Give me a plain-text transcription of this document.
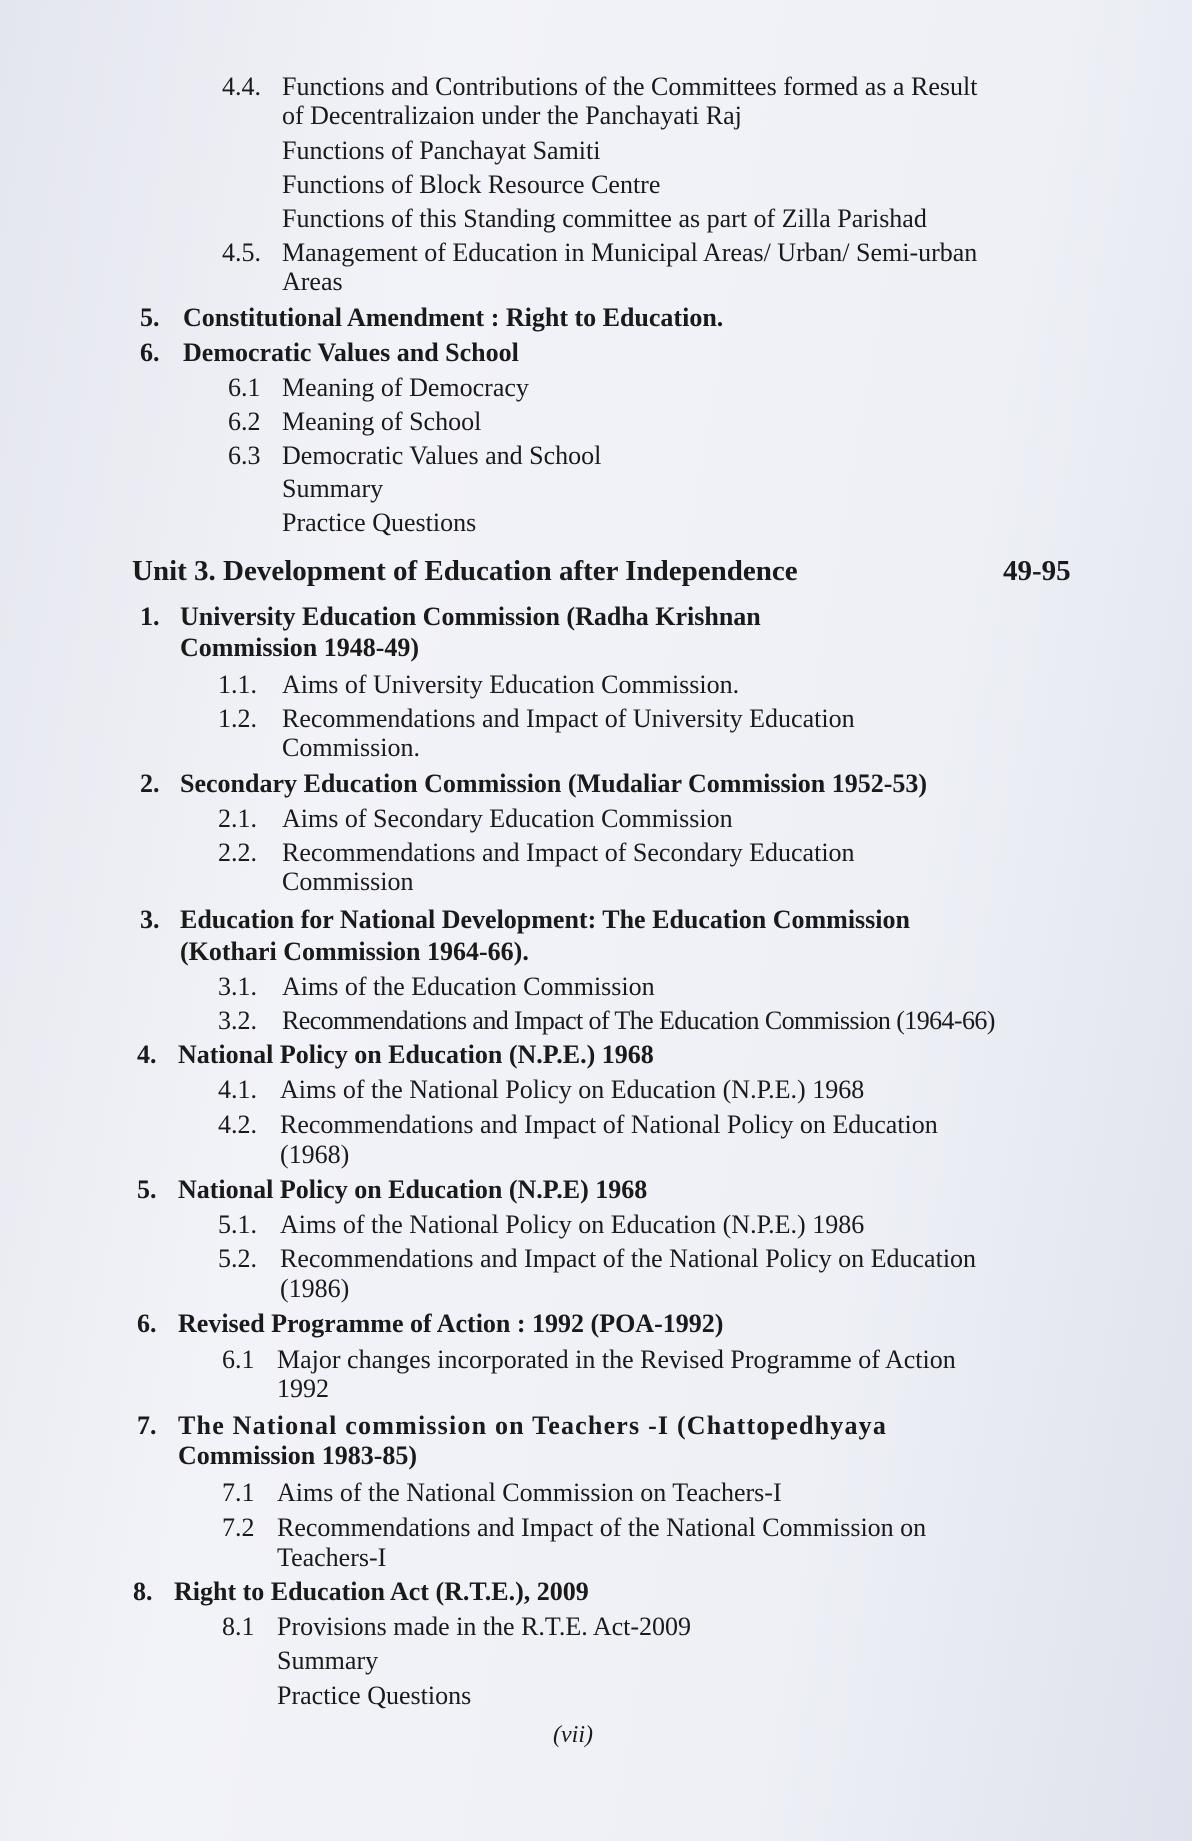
4.4. Functions and Contributions of the Committees formed as a Result
of Decentralizaion under the Panchayati Raj
Functions of Panchayat Samiti
Functions of Block Resource Centre
Functions of this Standing committee as part of Zilla Parishad
4.5. Management of Education in Municipal Areas/ Urban/ Semi-urban
Areas
5. Constitutional Amendment : Right to Education.
6. Democratic Values and School
6.1 Meaning of Democracy
6.2 Meaning of School
6.3 Democratic Values and School
Summary
Practice Questions
Unit 3. Development of Education after Independence	49-95
1. University Education Commission (Radha Krishnan
Commission 1948-49)
1.1. Aims of University Education Commission.
1.2. Recommendations and Impact of University Education
Commission.
2. Secondary Education Commission (Mudaliar Commission 1952-53)
2.1. Aims of Secondary Education Commission
2.2. Recommendations and Impact of Secondary Education
Commission
3. Education for National Development: The Education Commission
(Kothari Commission 1964-66).
3.1. Aims of the Education Commission
3.2. Recommendations and Impact of The Education Commission (1964-66)
4. National Policy on Education (N.P.E.) 1968
4.1. Aims of the National Policy on Education (N.P.E.) 1968
4.2. Recommendations and Impact of National Policy on Education
(1968)
5. National Policy on Education (N.P.E) 1968
5.1. Aims of the National Policy on Education (N.P.E.) 1986
5.2. Recommendations and Impact of the National Policy on Education
(1986)
6. Revised Programme of Action : 1992 (POA-1992)
6.1 Major changes incorporated in the Revised Programme of Action
1992
7. The National commission on Teachers -I (Chattopedhyaya
Commission 1983-85)
7.1 Aims of the National Commission on Teachers-I
7.2 Recommendations and Impact of the National Commission on
Teachers-I
8. Right to Education Act (R.T.E.), 2009
8.1 Provisions made in the R.T.E. Act-2009
Summary
Practice Questions
(vii)
